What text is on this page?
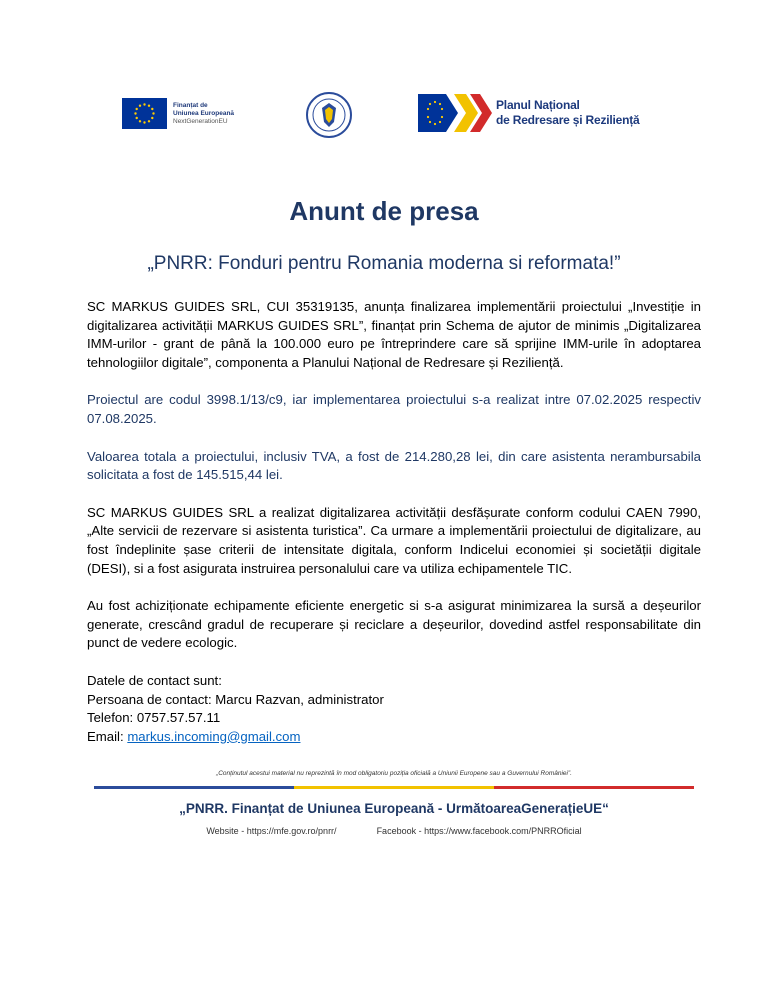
Finanțat de
Uniunea Europeană
NextGenerationEU
Planul Național
de Redresare și Reziliență
Anunt de presa

„PNRR: Fonduri pentru Romania moderna si reformata!”

SC MARKUS GUIDES SRL, CUI 35319135, anunța finalizarea implementării proiectului „Investiție in digitalizarea activității MARKUS GUIDES SRL”, finanțat prin Schema de ajutor de minimis „Digitalizarea IMM-urilor - grant de până la 100.000 euro pe întreprindere care să sprijine IMM-urile în adoptarea tehnologiilor digitale”, componenta a Planului Național de Redresare și Reziliență.

Proiectul are codul 3998.1/13/c9, iar implementarea proiectului s-a realizat intre 07.02.2025 respectiv 07.08.2025.

Valoarea totala a proiectului, inclusiv TVA, a fost de 214.280,28 lei, din care asistenta nerambursabila solicitata a fost de 145.515,44 lei.

SC MARKUS GUIDES SRL a realizat digitalizarea activității desfășurate conform codului CAEN 7990, „Alte servicii de rezervare si asistenta turistica”. Ca urmare a implementării proiectului de digitalizare, au fost îndeplinite șase criterii de intensitate digitala, conform Indicelui economiei și societății digitale (DESI), si a fost asigurata instruirea personalului care va utiliza echipamentele TIC.

Au fost achiziționate echipamente eficiente energetic si s-a asigurat minimizarea la sursă a deșeurilor generate, crescând gradul de recuperare și reciclare a deșeurilor, dovedind astfel responsabilitate din punct de vedere ecologic.

Datele de contact sunt:
Persoana de contact: Marcu Razvan, administrator
Telefon: 0757.57.57.11
Email: markus.incoming@gmail.com
„Conținutul acestui material nu reprezintă în mod obligatoriu poziția oficială a Uniunii Europene sau a Guvernului României”.
„PNRR. Finanțat de Uniunea Europeană - UrmătoareaGenerațieUE“
Website - https://mfe.gov.ro/pnrr/	Facebook - https://www.facebook.com/PNRROficial
